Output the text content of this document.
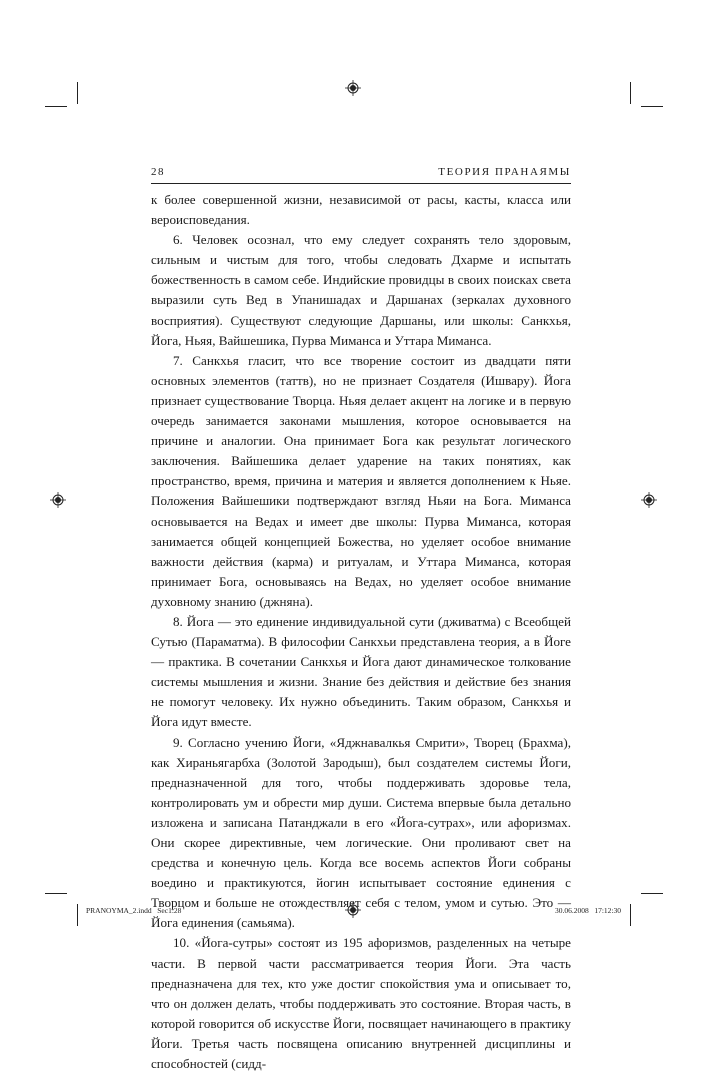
28	ТЕОРИЯ ПРАНАЯМЫ

к более совершенной жизни, независимой от расы, касты, класса или вероисповедания.

6. Человек осознал, что ему следует сохранять тело здоровым, сильным и чистым для того, чтобы следовать Дхарме и испытать божественность в самом себе. Индийские провидцы в своих поисках света выразили суть Вед в Упанишадах и Даршанах (зеркалах духовного восприятия). Существуют следующие Даршаны, или школы: Санкхья, Йога, Ньяя, Вайшешика, Пурва Миманса и Уттара Миманса.

7. Санкхья гласит, что все творение состоит из двадцати пяти основных элементов (таттв), но не признает Создателя (Ишвару). Йога признает существование Творца. Ньяя делает акцент на логике и в первую очередь занимается законами мышления, которое основывается на причине и аналогии. Она принимает Бога как результат логического заключения. Вайшешика делает ударение на таких понятиях, как пространство, время, причина и материя и является дополнением к Ньяе. Положения Вайшешики подтверждают взгляд Ньяи на Бога. Миманса основывается на Ведах и имеет две школы: Пурва Миманса, которая занимается общей концепцией Божества, но уделяет особое внимание важности действия (карма) и ритуалам, и Уттара Миманса, которая принимает Бога, основываясь на Ведах, но уделяет особое внимание духовному знанию (джняна).

8. Йога — это единение индивидуальной сути (дживатма) с Всеобщей Сутью (Параматма). В философии Санкхьи представлена теория, а в Йоге — практика. В сочетании Санкхья и Йога дают динамическое толкование системы мышления и жизни. Знание без действия и действие без знания не помогут человеку. Их нужно объединить. Таким образом, Санкхья и Йога идут вместе.

9. Согласно учению Йоги, «Яджнавалкья Смрити», Творец (Брахма), как Хираньягарбха (Золотой Зародыш), был создателем системы Йоги, предназначенной для того, чтобы поддерживать здоровье тела, контролировать ум и обрести мир души. Система впервые была детально изложена и записана Патанджали в его «Йога-сутрах», или афоризмах. Они скорее директивные, чем логические. Они проливают свет на средства и конечную цель. Когда все восемь аспектов Йоги собраны воедино и практикуются, йогин испытывает состояние единения с Творцом и больше не отождествляет себя с телом, умом и сутью. Это — Йога единения (самьяма).

10. «Йога-сутры» состоят из 195 афоризмов, разделенных на четыре части. В первой части рассматривается теория Йоги. Эта часть предназначена для тех, кто уже достиг спокойствия ума и описывает то, что он должен делать, чтобы поддерживать это состояние. Вторая часть, в которой говорится об искусстве Йоги, посвящает начинающего в практику Йоги. Третья часть посвящена описанию внутренней дисциплины и способностей (сидд-

PRANOYMA_2.indd   Sec1:28	30.06.2008   17:12:30
